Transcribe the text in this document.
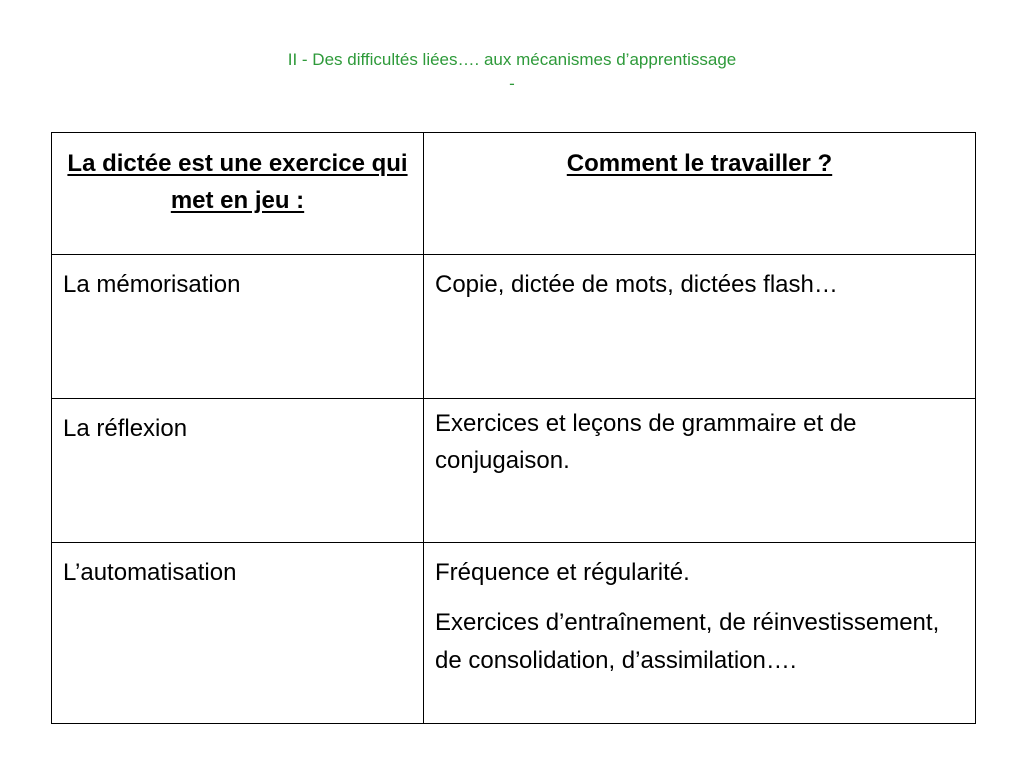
II - Des difficultés liées…. aux mécanismes d’apprentissage
-
La dictée est une exercice qui met en jeu :	Comment le travailler ?

La mémorisation	Copie, dictée de mots, dictées flash…

La réflexion	Exercices et leçons de grammaire et de conjugaison.

L’automatisation	Fréquence et régularité.
Exercices d’entraînement, de réinvestissement, de consolidation, d’assimilation….
